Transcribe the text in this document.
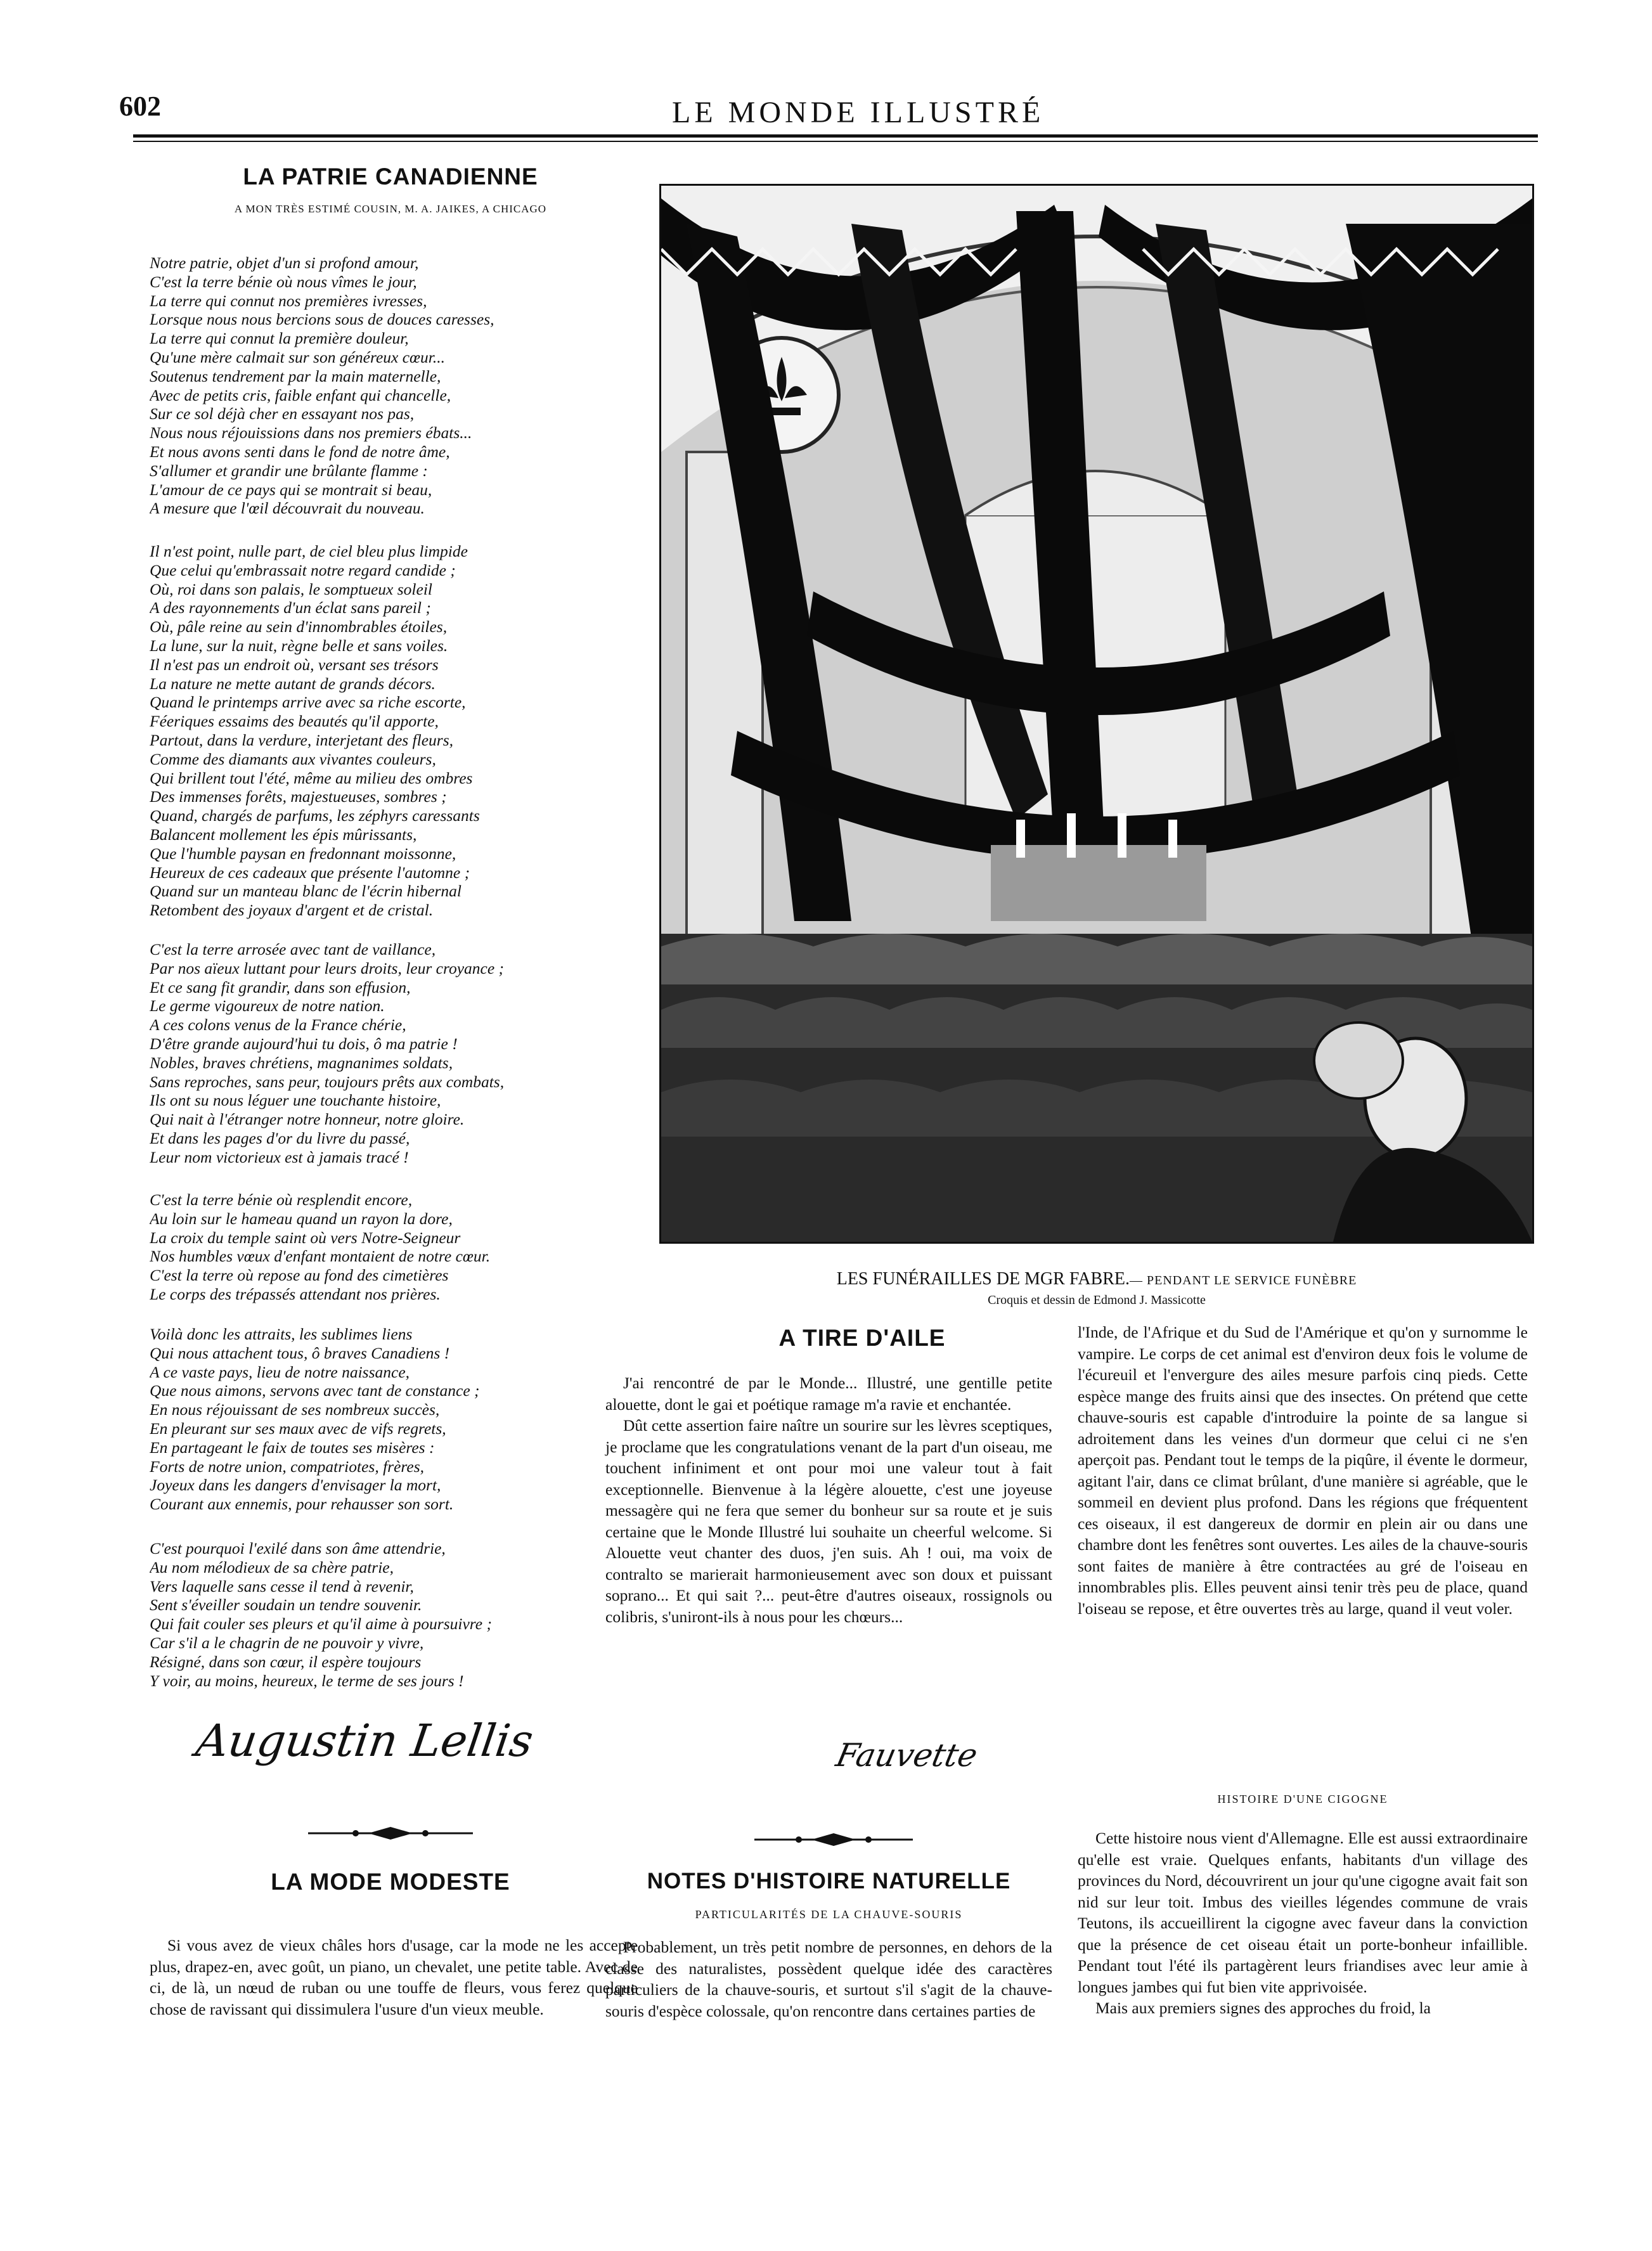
602	LE MONDE ILLUSTRÉ
LA PATRIE CANADIENNE
A MON TRÈS ESTIMÉ COUSIN, M. A. JAIKES, A CHICAGO
Notre patrie, objet d'un si profond amour,
C'est la terre bénie où nous vîmes le jour,
La terre qui connut nos premières ivresses,
Lorsque nous nous bercions sous de douces caresses,
La terre qui connut la première douleur,
Qu'une mère calmait sur son généreux cœur...
Soutenus tendrement par la main maternelle,
Avec de petits cris, faible enfant qui chancelle,
Sur ce sol déjà cher en essayant nos pas,
Nous nous réjouissions dans nos premiers ébats...
Et nous avons senti dans le fond de notre âme,
S'allumer et grandir une brûlante flamme :
L'amour de ce pays qui se montrait si beau,
A mesure que l'œil découvrait du nouveau.
Il n'est point, nulle part, de ciel bleu plus limpide
Que celui qu'embrassait notre regard candide ;
Où, roi dans son palais, le somptueux soleil
A des rayonnements d'un éclat sans pareil ;
Où, pâle reine au sein d'innombrables étoiles,
La lune, sur la nuit, règne belle et sans voiles.
Il n'est pas un endroit où, versant ses trésors
La nature ne mette autant de grands décors.
Quand le printemps arrive avec sa riche escorte,
Féeriques essaims des beautés qu'il apporte,
Partout, dans la verdure, interjetant des fleurs,
Comme des diamants aux vivantes couleurs,
Qui brillent tout l'été, même au milieu des ombres
Des immenses forêts, majestueuses, sombres ;
Quand, chargés de parfums, les zéphyrs caressants
Balancent mollement les épis mûrissants,
Que l'humble paysan en fredonnant moissonne,
Heureux de ces cadeaux que présente l'automne ;
Quand sur un manteau blanc de l'écrin hibernal
Retombent des joyaux d'argent et de cristal.
C'est la terre arrosée avec tant de vaillance,
Par nos aïeux luttant pour leurs droits, leur croyance ;
Et ce sang fit grandir, dans son effusion,
Le germe vigoureux de notre nation.
A ces colons venus de la France chérie,
D'être grande aujourd'hui tu dois, ô ma patrie !
Nobles, braves chrétiens, magnanimes soldats,
Sans reproches, sans peur, toujours prêts aux combats,
Ils ont su nous léguer une touchante histoire,
Qui nait à l'étranger notre honneur, notre gloire.
Et dans les pages d'or du livre du passé,
Leur nom victorieux est à jamais tracé !
C'est la terre bénie où resplendit encore,
Au loin sur le hameau quand un rayon la dore,
La croix du temple saint où vers Notre-Seigneur
Nos humbles vœux d'enfant montaient de notre cœur.
C'est la terre où repose au fond des cimetières
Le corps des trépassés attendant nos prières.
Voilà donc les attraits, les sublimes liens
Qui nous attachent tous, ô braves Canadiens !
A ce vaste pays, lieu de notre naissance,
Que nous aimons, servons avec tant de constance ;
En nous réjouissant de ses nombreux succès,
En pleurant sur ses maux avec de vifs regrets,
En partageant le faix de toutes ses misères :
Forts de notre union, compatriotes, frères,
Joyeux dans les dangers d'envisager la mort,
Courant aux ennemis, pour rehausser son sort.
C'est pourquoi l'exilé dans son âme attendrie,
Au nom mélodieux de sa chère patrie,
Vers laquelle sans cesse il tend à revenir,
Sent s'éveiller soudain un tendre souvenir.
Qui fait couler ses pleurs et qu'il aime à poursuivre ;
Car s'il a le chagrin de ne pouvoir y vivre,
Résigné, dans son cœur, il espère toujours
Y voir, au moins, heureux, le terme de ses jours !
Augustin Lellis
LA MODE MODESTE

Si vous avez de vieux châles hors d'usage, car la mode ne les accepte plus, drapez-en, avec goût, un piano, un chevalet, une petite table. Avec de ci, de là, un nœud de ruban ou une touffe de fleurs, vous ferez quelque chose de ravissant qui dissimulera l'usure d'un vieux meuble.

LES FUNÉRAILLES DE MGR FABRE.— PENDANT LE SERVICE FUNÈBRE
Croquis et dessin de Edmond J. Massicotte
A TIRE D'AILE

J'ai rencontré de par le Monde... Illustré, une gentille petite alouette, dont le gai et poétique ramage m'a ravie et enchantée.

Dût cette assertion faire naître un sourire sur les lèvres sceptiques, je proclame que les congratulations venant de la part d'un oiseau, me touchent infiniment et ont pour moi une valeur tout à fait exceptionnelle. Bienvenue à la légère alouette, c'est une joyeuse messagère qui ne fera que semer du bonheur sur sa route et je suis certaine que le Monde Illustré lui souhaite un cheerful welcome. Si Alouette veut chanter des duos, j'en suis. Ah ! oui, ma voix de contralto se marierait harmonieusement avec son doux et puissant soprano... Et qui sait ?... peut-être d'autres oiseaux, rossignols ou colibris, s'uniront-ils à nous pour les chœurs...

Fauvette
NOTES D'HISTOIRE NATURELLE
PARTICULARITÉS DE LA CHAUVE-SOURIS

Probablement, un très petit nombre de personnes, en dehors de la classe des naturalistes, possèdent quelque idée des caractères particuliers de la chauve-souris, et surtout s'il s'agit de la chauve-souris d'espèce colossale, qu'on rencontre dans certaines parties de

l'Inde, de l'Afrique et du Sud de l'Amérique et qu'on y surnomme le vampire. Le corps de cet animal est d'environ deux fois le volume de l'écureuil et l'envergure des ailes mesure parfois cinq pieds. Cette espèce mange des fruits ainsi que des insectes. On prétend que cette chauve-souris est capable d'introduire la pointe de sa langue si adroitement dans les veines d'un dormeur que celui ci ne s'en aperçoit pas. Pendant tout le temps de la piqûre, il évente le dormeur, agitant l'air, dans ce climat brûlant, d'une manière si agréable, que le sommeil en devient plus profond. Dans les régions que fréquentent ces oiseaux, il est dangereux de dormir en plein air ou dans une chambre dont les fenêtres sont ouvertes. Les ailes de la chauve-souris sont faites de manière à être contractées au gré de l'oiseau en innombrables plis. Elles peuvent ainsi tenir très peu de place, quand l'oiseau se repose, et être ouvertes très au large, quand il veut voler.

HISTOIRE D'UNE CIGOGNE

Cette histoire nous vient d'Allemagne. Elle est aussi extraordinaire qu'elle est vraie. Quelques enfants, habitants d'un village des provinces du Nord, découvrirent un jour qu'une cigogne avait fait son nid sur leur toit. Imbus des vieilles légendes commune de vrais Teutons, ils accueillirent la cigogne avec faveur dans la conviction que la présence de cet oiseau était un porte-bonheur infaillible. Pendant tout l'été ils partagèrent leurs friandises avec leur amie à longues jambes qui fut bien vite apprivoisée.

Mais aux premiers signes des approches du froid, la
